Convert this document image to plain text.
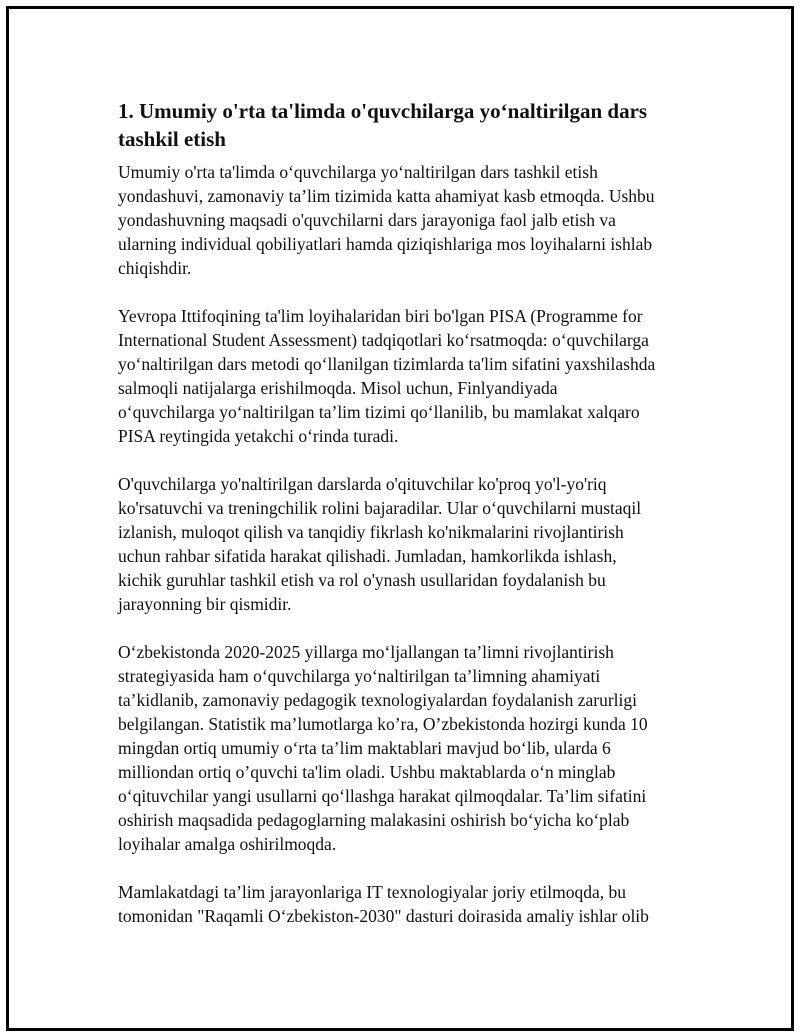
1. Umumiy o'rta ta'limda o'quvchilarga yo‘naltirilgan dars
tashkil etish

Umumiy o'rta ta'limda o‘quvchilarga yo‘naltirilgan dars tashkil etish
yondashuvi, zamonaviy ta’lim tizimida katta ahamiyat kasb etmoqda. Ushbu
yondashuvning maqsadi o'quvchilarni dars jarayoniga faol jalb etish va
ularning individual qobiliyatlari hamda qiziqishlariga mos loyihalarni ishlab
chiqishdir.

Yevropa Ittifoqining ta'lim loyihalaridan biri bo'lgan PISA (Programme for
International Student Assessment) tadqiqotlari ko‘rsatmoqda: o‘quvchilarga
yo‘naltirilgan dars metodi qo‘llanilgan tizimlarda ta'lim sifatini yaxshilashda
salmoqli natijalarga erishilmoqda. Misol uchun, Finlyandiyada
o‘quvchilarga yo‘naltirilgan ta’lim tizimi qo‘llanilib, bu mamlakat xalqaro
PISA reytingida yetakchi o‘rinda turadi.

O'quvchilarga yo'naltirilgan darslarda o'qituvchilar ko'proq yo'l-yo'riq
ko'rsatuvchi va treningchilik rolini bajaradilar. Ular o‘quvchilarni mustaqil
izlanish, muloqot qilish va tanqidiy fikrlash ko'nikmalarini rivojlantirish
uchun rahbar sifatida harakat qilishadi. Jumladan, hamkorlikda ishlash,
kichik guruhlar tashkil etish va rol o'ynash usullaridan foydalanish bu
jarayonning bir qismidir.

O‘zbekistonda 2020-2025 yillarga mo‘ljallangan ta’limni rivojlantirish
strategiyasida ham o‘quvchilarga yo‘naltirilgan ta’limning ahamiyati
ta’kidlanib, zamonaviy pedagogik texnologiyalardan foydalanish zarurligi
belgilangan. Statistik ma’lumotlarga ko’ra, O’zbekistonda hozirgi kunda 10
mingdan ortiq umumiy o‘rta ta’lim maktablari mavjud bo‘lib, ularda 6
milliondan ortiq o’quvchi ta'lim oladi. Ushbu maktablarda o‘n minglab
o‘qituvchilar yangi usullarni qo‘llashga harakat qilmoqdalar. Ta’lim sifatini
oshirish maqsadida pedagoglarning malakasini oshirish bo‘yicha ko‘plab
loyihalar amalga oshirilmoqda.

Mamlakatdagi ta’lim jarayonlariga IT texnologiyalar joriy etilmoqda, bu
tomonidan "Raqamli O‘zbekiston-2030" dasturi doirasida amaliy ishlar olib
